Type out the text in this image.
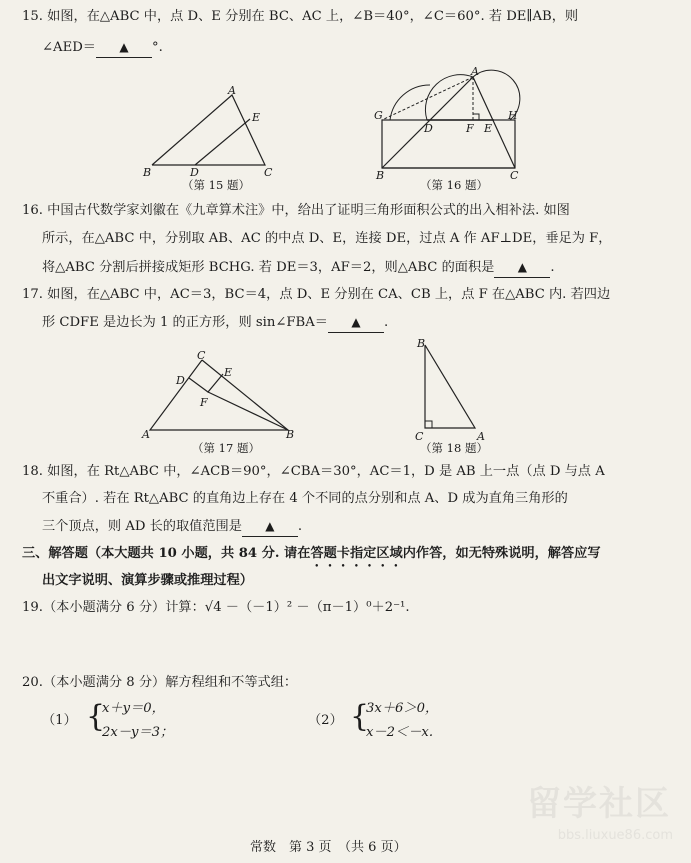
15. 如图，在△ABC 中，点 D、E 分别在 BC、AC 上，∠B＝40°，∠C＝60°. 若 DE∥AB，则
∠AED＝ ▲ °.
A
E
B	D	C
（第 15 题）
A
G	H
D	F E
B	C
（第 16 题）
16. 中国古代数学家刘徽在《九章算术注》中，给出了证明三角形面积公式的出入相补法. 如图
所示，在△ABC 中，分别取 AB、AC 的中点 D、E，连接 DE，过点 A 作 AF⊥DE，垂足为 F，
将△ABC 分割后拼接成矩形 BCHG. 若 DE＝3，AF＝2，则△ABC 的面积是 ▲ .
17. 如图，在△ABC 中，AC＝3，BC＝4，点 D、E 分别在 CA、CB 上，点 F 在△ABC 内. 若四边
形 CDFE 是边长为 1 的正方形，则 sin∠FBA＝ ▲ .
C
D
E
F
A	B
（第 17 题）
B
C	A
（第 18 题）
18. 如图，在 Rt△ABC 中，∠ACB＝90°，∠CBA＝30°，AC＝1，D 是 AB 上一点（点 D 与点 A
不重合）. 若在 Rt△ABC 的直角边上存在 4 个不同的点分别和点 A、D 成为直角三角形的
三个顶点，则 AD 长的取值范围是 ▲ .
三、解答题（本大题共 10 小题，共 84 分. 请在答题卡指定区域内作答，如无特殊说明，解答应写
出文字说明、演算步骤或推理过程）
19.（本小题满分 6 分）计算：√4 －（－1）² －（π－1）⁰＋2⁻¹.
20.（本小题满分 8 分）解方程组和不等式组：
（1） {
x＋y＝0，
2x－y＝3；
（2） {
3x＋6＞0，
x－2＜－x.
常数　第 3 页　（共 6 页）
留学社区
bbs.liuxue86.com
